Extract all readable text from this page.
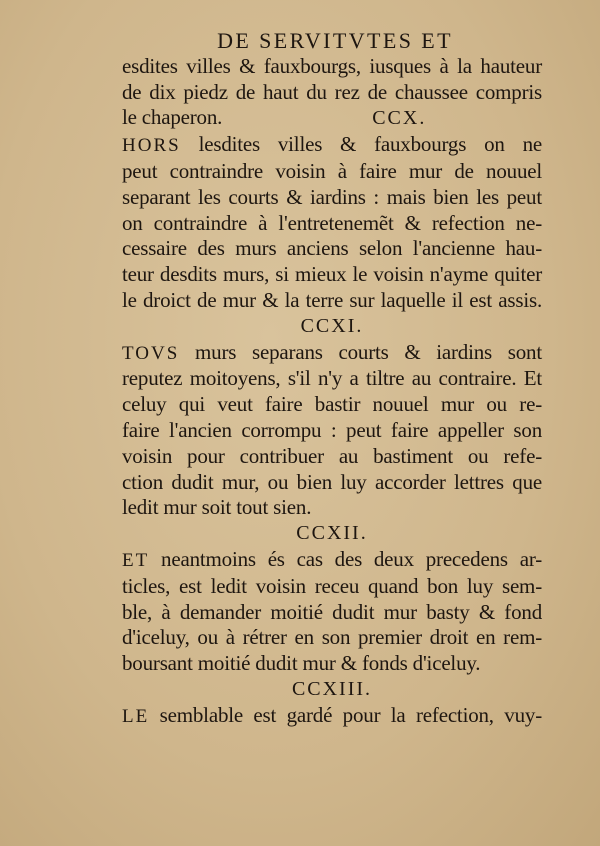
DE SERVITVTES ET
esdites villes & fauxbourgs, iusques à la hauteur
de dix piedz de haut du rez de chaussee compris
le chaperon.	CCX.
HORS lesdites villes & fauxbourgs on ne
peut contraindre voisin à faire mur de nouuel
separant les courts & iardins : mais bien les peut
on contraindre à l'entretenemẽt & refection ne-
cessaire des murs anciens selon l'ancienne hau-
teur desdits murs, si mieux le voisin n'ayme quiter
le droict de mur & la terre sur laquelle il est assis.
CCXI.
TOVS murs separans courts & iardins sont
reputez moitoyens, s'il n'y a tiltre au contraire. Et
celuy qui veut faire bastir nouuel mur ou re-
faire l'ancien corrompu : peut faire appeller son
voisin pour contribuer au bastiment ou refe-
ction dudit mur, ou bien luy accorder lettres que
ledit mur soit tout sien.
CCXII.
ET neantmoins és cas des deux precedens ar-
ticles, est ledit voisin receu quand bon luy sem-
ble, à demander moitié dudit mur basty & fond
d'iceluy, ou à rétrer en son premier droit en rem-
boursant moitié dudit mur & fonds d'iceluy.
CCXIII.
LE semblable est gardé pour la refection, vuy-
